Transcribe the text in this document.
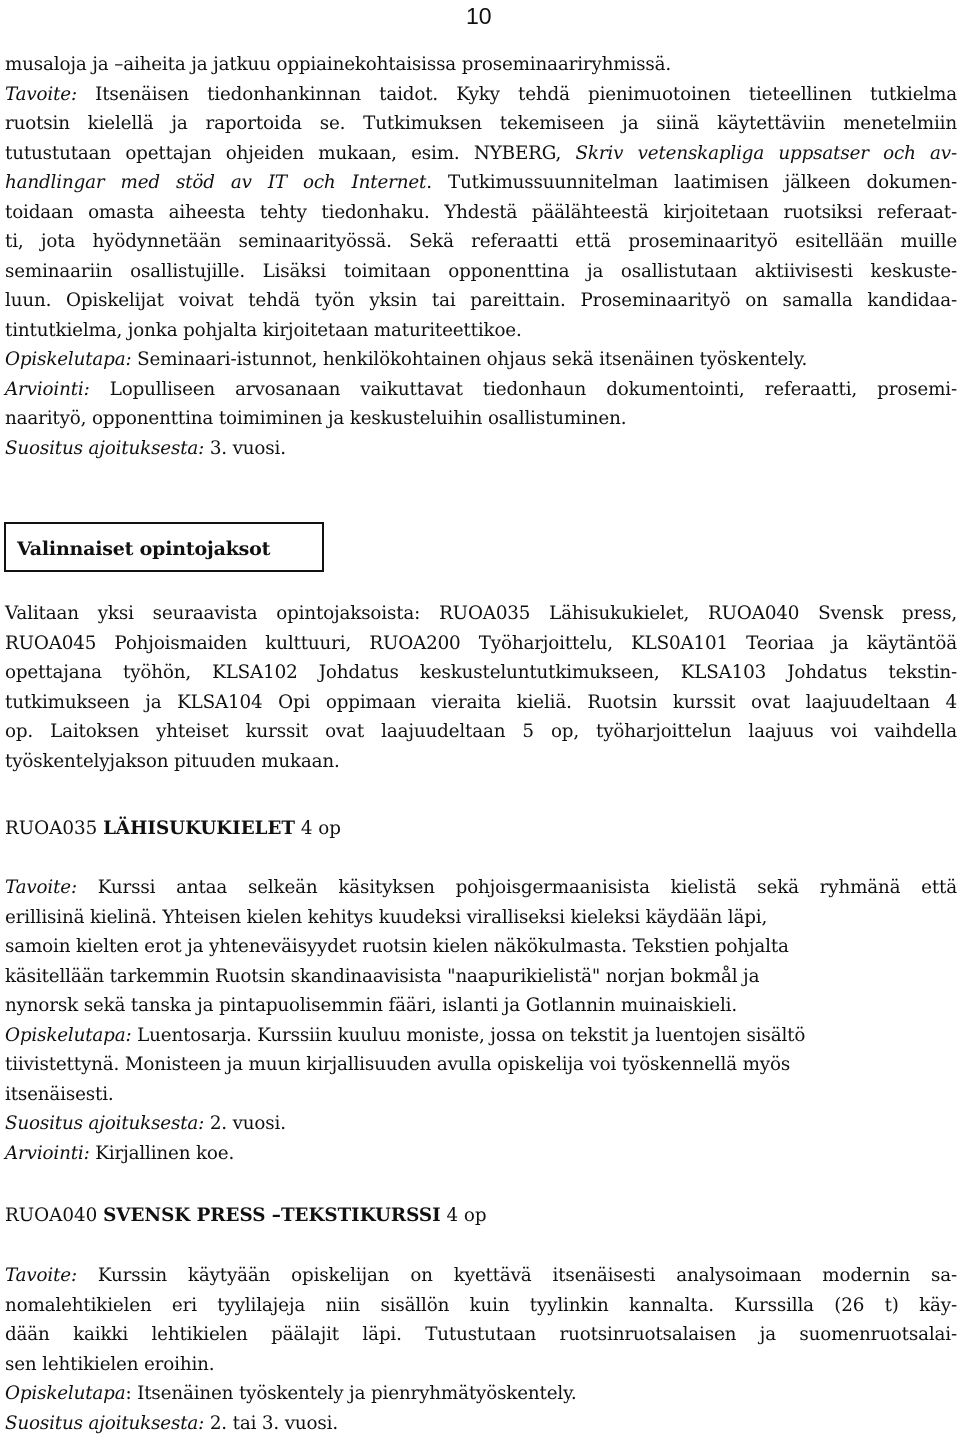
10
musaloja ja –aiheita ja jatkuu oppiainekohtaisissa proseminaariryhmissä.
Tavoite: Itsenäisen tiedonhankinnan taidot. Kyky tehdä pienimuotoinen tieteellinen tutkielma
ruotsin kielellä ja raportoida se. Tutkimuksen tekemiseen ja siinä käytettäviin menetelmiin
tutustutaan opettajan ohjeiden mukaan, esim. NYBERG, Skriv vetenskapliga uppsatser och av-
handlingar med stöd av IT och Internet. Tutkimussuunnitelman laatimisen jälkeen dokumen-
toidaan omasta aiheesta tehty tiedonhaku. Yhdestä päälähteestä kirjoitetaan ruotsiksi referaat-
ti, jota hyödynnetään seminaarityössä. Sekä referaatti että proseminaarityö esitellään muille
seminaariin osallistujille. Lisäksi toimitaan opponenttina ja osallistutaan aktiivisesti keskuste-
luun. Opiskelijat voivat tehdä työn yksin tai pareittain. Proseminaarityö on samalla kandidaa-
tintutkielma, jonka pohjalta kirjoitetaan maturiteettikoe.
Opiskelutapa: Seminaari-istunnot, henkilökohtainen ohjaus sekä itsenäinen työskentely.
Arviointi: Lopulliseen arvosanaan vaikuttavat tiedonhaun dokumentointi, referaatti, prosemi-
naarityö, opponenttina toimiminen ja keskusteluihin osallistuminen.
Suositus ajoituksesta: 3. vuosi.
Valinnaiset opintojaksot
Valitaan yksi seuraavista opintojaksoista: RUOA035 Lähisukukielet, RUOA040 Svensk press,
RUOA045 Pohjoismaiden kulttuuri, RUOA200 Työharjoittelu, KLS0A101 Teoriaa ja käytäntöä
opettajana työhön, KLSA102 Johdatus keskusteluntutkimukseen, KLSA103 Johdatus tekstin-
tutkimukseen ja KLSA104 Opi oppimaan vieraita kieliä. Ruotsin kurssit ovat laajuudeltaan 4
op. Laitoksen yhteiset kurssit ovat laajuudeltaan 5 op, työharjoittelun laajuus voi vaihdella
työskentelyjakson pituuden mukaan.
RUOA035 LÄHISUKUKIELET 4 op
Tavoite: Kurssi antaa selkeän käsityksen pohjoisgermaanisista kielistä sekä ryhmänä että
erillisinä kielinä. Yhteisen kielen kehitys kuudeksi viralliseksi kieleksi käydään läpi,
samoin kielten erot ja yhteneväisyydet ruotsin kielen näkökulmasta. Tekstien pohjalta
käsitellään tarkemmin Ruotsin skandinaavisista "naapurikielistä" norjan bokmål ja
nynorsk sekä tanska ja pintapuolisemmin fääri, islanti ja Gotlannin muinaiskieli.
Opiskelutapa: Luentosarja. Kurssiin kuuluu moniste, jossa on tekstit ja luentojen sisältö
tiivistettynä. Monisteen ja muun kirjallisuuden avulla opiskelija voi työskennellä myös
itsenäisesti.
Suositus ajoituksesta: 2. vuosi.
Arviointi: Kirjallinen koe.
RUOA040 SVENSK PRESS –TEKSTIKURSSI 4 op
Tavoite: Kurssin käytyään opiskelijan on kyettävä itsenäisesti analysoimaan modernin sa-
nomalehtikielen eri tyylilajeja niin sisällön kuin tyylinkin kannalta. Kurssilla (26 t) käy-
dään kaikki lehtikielen päälajit läpi. Tutustutaan ruotsinruotsalaisen ja suomenruotsalai-
sen lehtikielen eroihin.
Opiskelutapa: Itsenäinen työskentely ja pienryhmätyöskentely.
Suositus ajoituksesta: 2. tai 3. vuosi.
